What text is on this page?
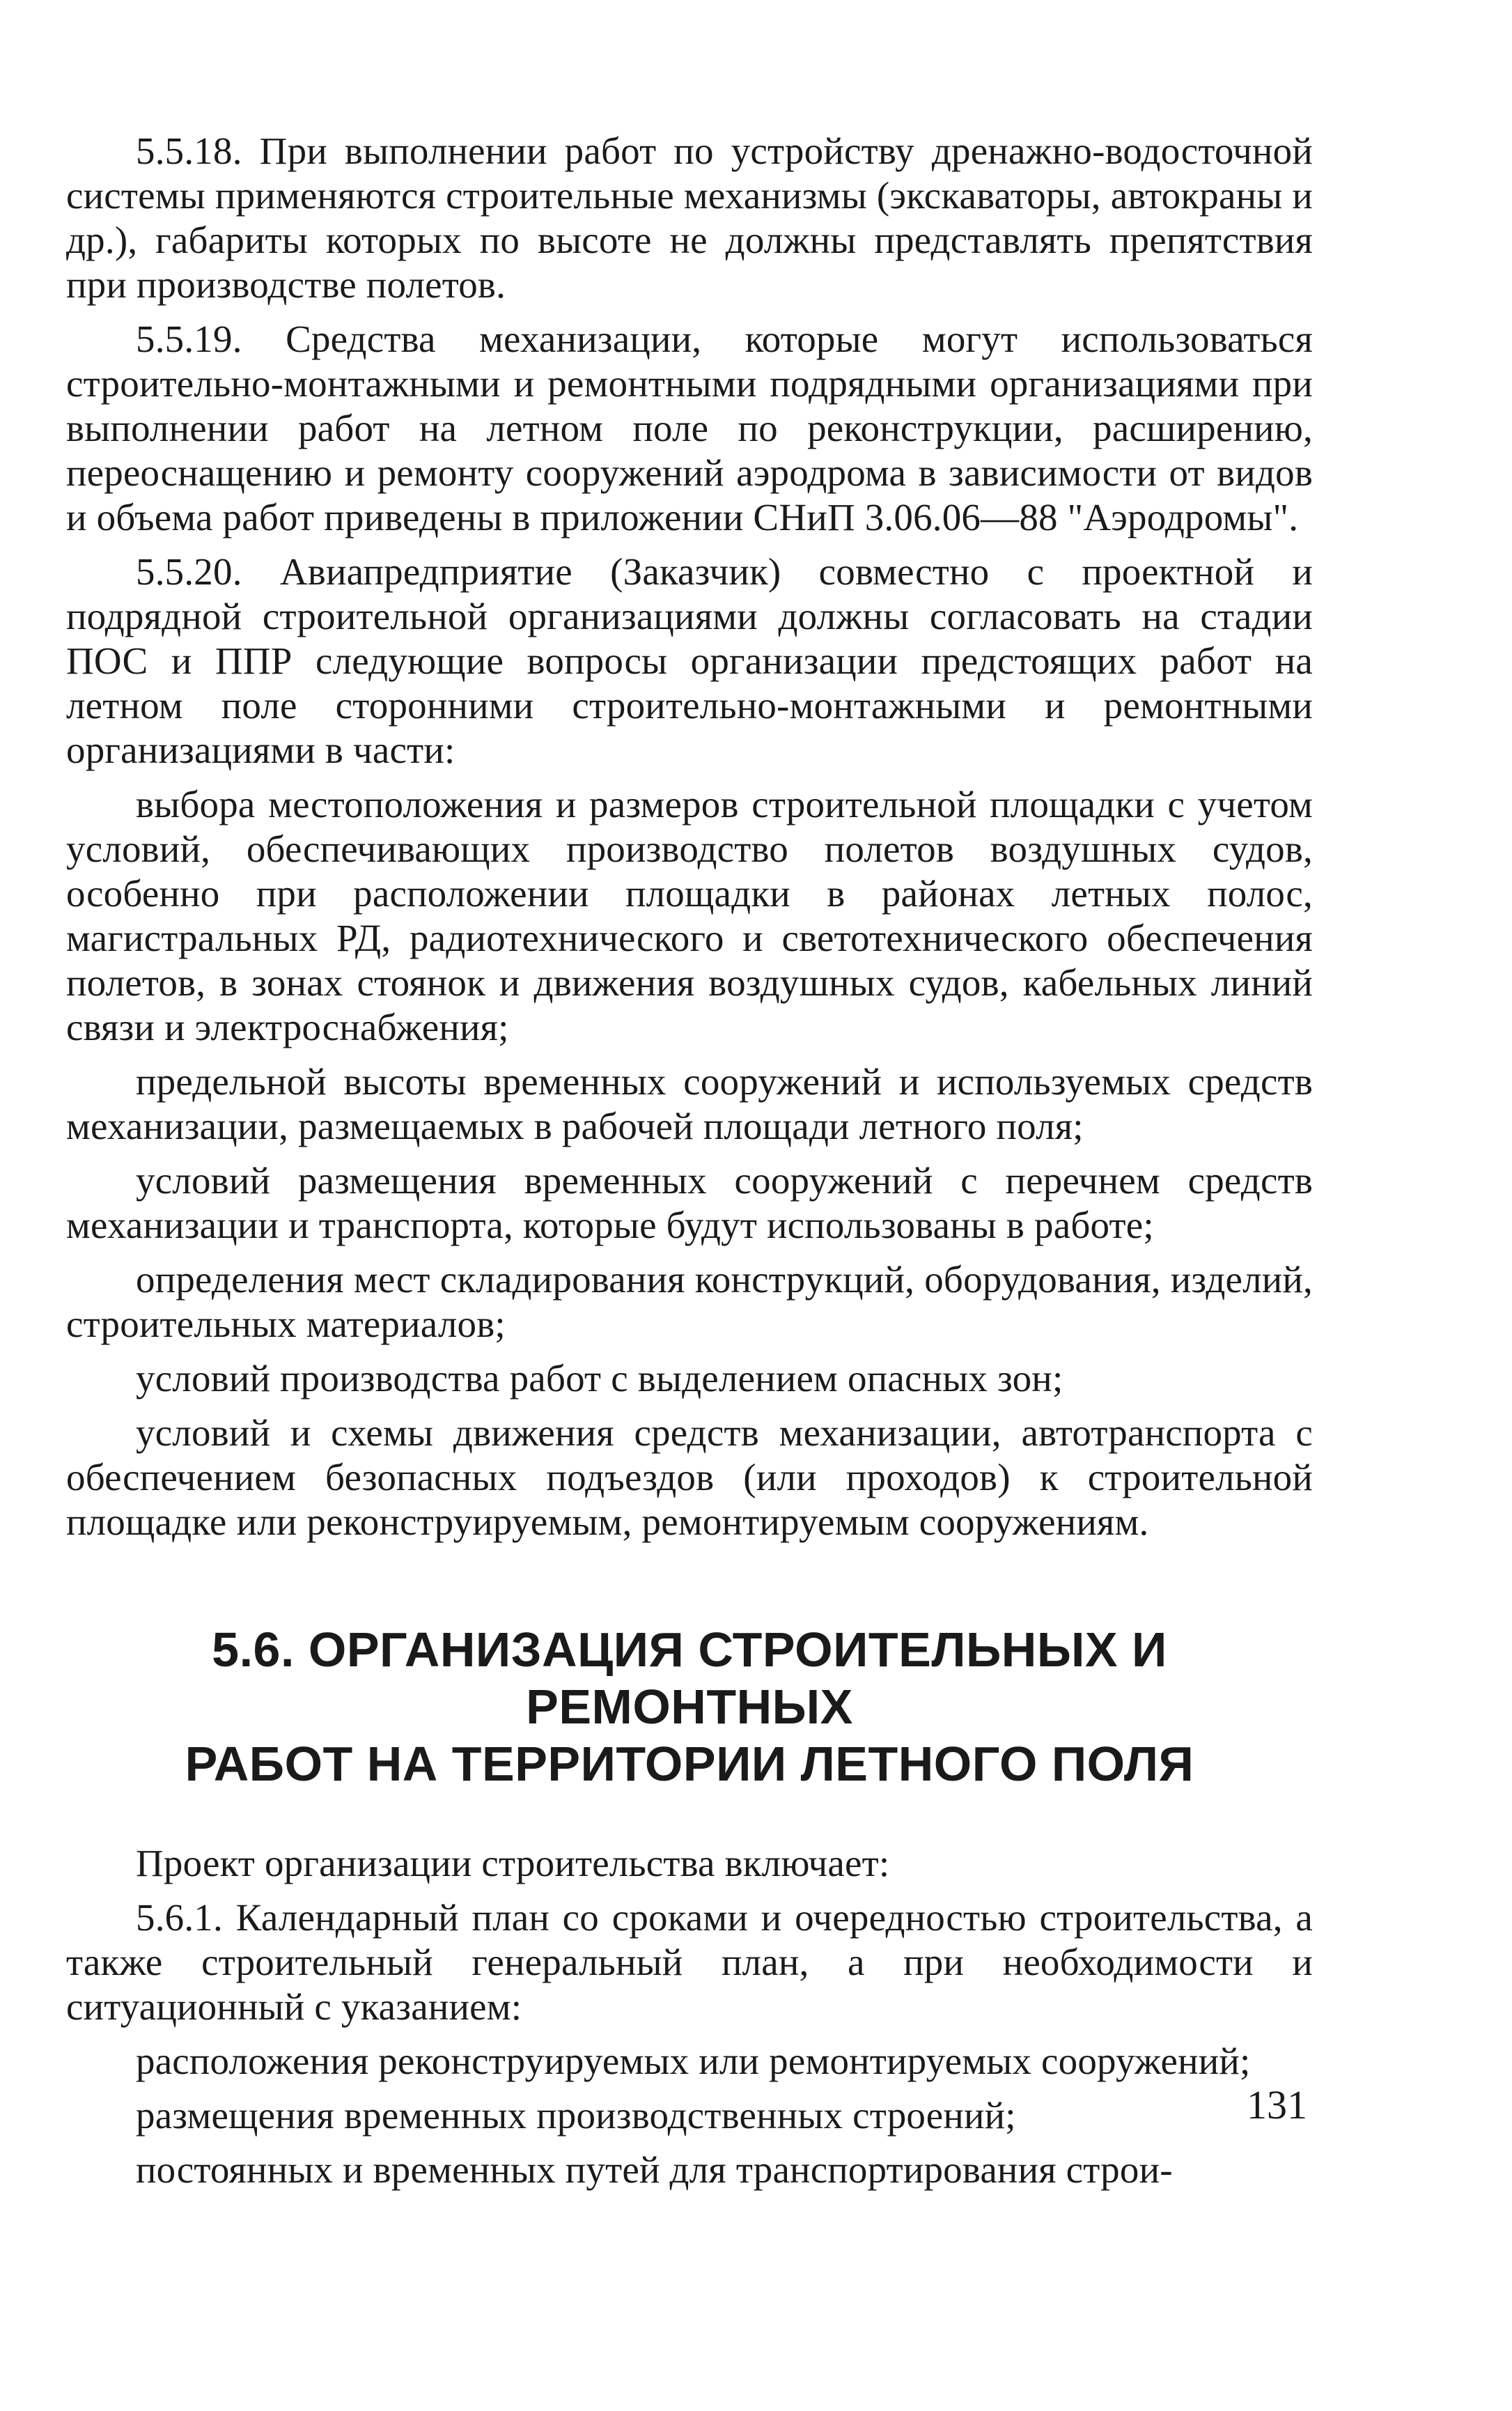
5.5.18. При выполнении работ по устройству дренажно-водосточной системы применяются строительные механизмы (экскаваторы, автокраны и др.), габариты которых по высоте не должны представлять препятствия при производстве полетов.

5.5.19. Средства механизации, которые могут использоваться строительно-монтажными и ремонтными подрядными организациями при выполнении работ на летном поле по реконструкции, расширению, переоснащению и ремонту сооружений аэродрома в зависимости от видов и объема работ приведены в приложении СНиП 3.06.06—88 "Аэродромы".

5.5.20. Авиапредприятие (Заказчик) совместно с проектной и подрядной строительной организациями должны согласовать на стадии ПОС и ППР следующие вопросы организации предстоящих работ на летном поле сторонними строительно-монтажными и ремонтными организациями в части:

выбора местоположения и размеров строительной площадки с учетом условий, обеспечивающих производство полетов воздушных судов, особенно при расположении площадки в районах летных полос, магистральных РД, радиотехнического и светотехнического обеспечения полетов, в зонах стоянок и движения воздушных судов, кабельных линий связи и электроснабжения;

предельной высоты временных сооружений и используемых средств механизации, размещаемых в рабочей площади летного поля;

условий размещения временных сооружений с перечнем средств механизации и транспорта, которые будут использованы в работе;

определения мест складирования конструкций, оборудования, изделий, строительных материалов;

условий производства работ с выделением опасных зон;

условий и схемы движения средств механизации, автотранспорта с обеспечением безопасных подъездов (или проходов) к строительной площадке или реконструируемым, ремонтируемым сооружениям.

5.6. ОРГАНИЗАЦИЯ СТРОИТЕЛЬНЫХ И РЕМОНТНЫХ
РАБОТ НА ТЕРРИТОРИИ ЛЕТНОГО ПОЛЯ

Проект организации строительства включает:

5.6.1. Календарный план со сроками и очередностью строительства, а также строительный генеральный план, а при необходимости и ситуационный с указанием:

расположения реконструируемых или ремонтируемых сооружений;

размещения временных производственных строений;

постоянных и временных путей для транспортирования строи-

131
